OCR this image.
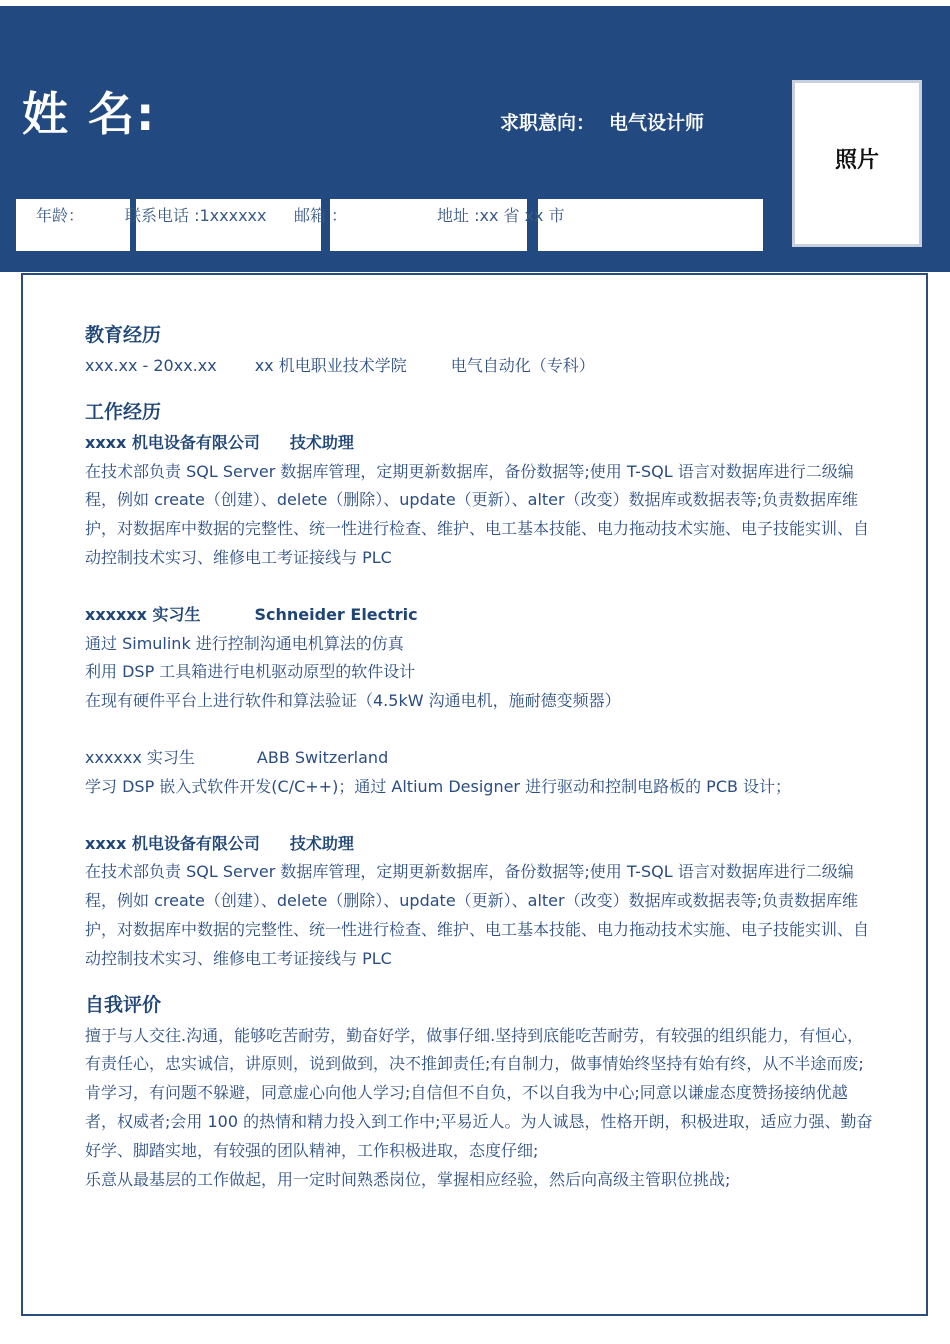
姓 名:	求职意向： 电气设计师
照片
年龄：	联系电话 :1xxxxxx 邮箱 ：	地址 :xx 省 xx 市
教育经历
xxx.xx - 20xx.xx xx 机电职业技术学院	电气自动化（专科）
工作经历
xxxx 机电设备有限公司 技术助理
在技术部负责 SQL Server 数据库管理，定期更新数据库，备份数据等;使用 T-SQL 语言对数据库进行二级编程，例如 create（创建）、delete（删除）、update（更新）、alter（改变）数据库或数据表等;负责数据库维护，对数据库中数据的完整性、统一性进行检查、维护、电工基本技能、电力拖动技术实施、电子技能实训、自动控制技术实习、维修电工考证接线与 PLC
xxxxxx 实习生	Schneider Electric
通过 Simulink 进行控制沟通电机算法的仿真
利用 DSP 工具箱进行电机驱动原型的软件设计
在现有硬件平台上进行软件和算法验证（4.5kW 沟通电机，施耐德变频器）
xxxxxx 实习生	ABB Switzerland
学习 DSP 嵌入式软件开发(C/C++)；通过 Altium Designer 进行驱动和控制电路板的 PCB 设计；
xxxx 机电设备有限公司 技术助理
在技术部负责 SQL Server 数据库管理，定期更新数据库，备份数据等;使用 T-SQL 语言对数据库进行二级编程，例如 create（创建）、delete（删除）、update（更新）、alter（改变）数据库或数据表等;负责数据库维护，对数据库中数据的完整性、统一性进行检查、维护、电工基本技能、电力拖动技术实施、电子技能实训、自动控制技术实习、维修电工考证接线与 PLC
自我评价
擅于与人交往.沟通，能够吃苦耐劳，勤奋好学，做事仔细.坚持到底能吃苦耐劳，有较强的组织能力，有恒心，有责任心，忠实诚信，讲原则，说到做到，决不推卸责任;有自制力，做事情始终坚持有始有终，从不半途而废;肯学习，有问题不躲避，同意虚心向他人学习;自信但不自负，不以自我为中心;同意以谦虚态度赞扬接纳优越者，权威者;会用 100 的热情和精力投入到工作中;平易近人。为人诚恳，性格开朗，积极进取，适应力强、勤奋好学、脚踏实地，有较强的团队精神，工作积极进取，态度仔细;
乐意从最基层的工作做起，用一定时间熟悉岗位，掌握相应经验，然后向高级主管职位挑战;
